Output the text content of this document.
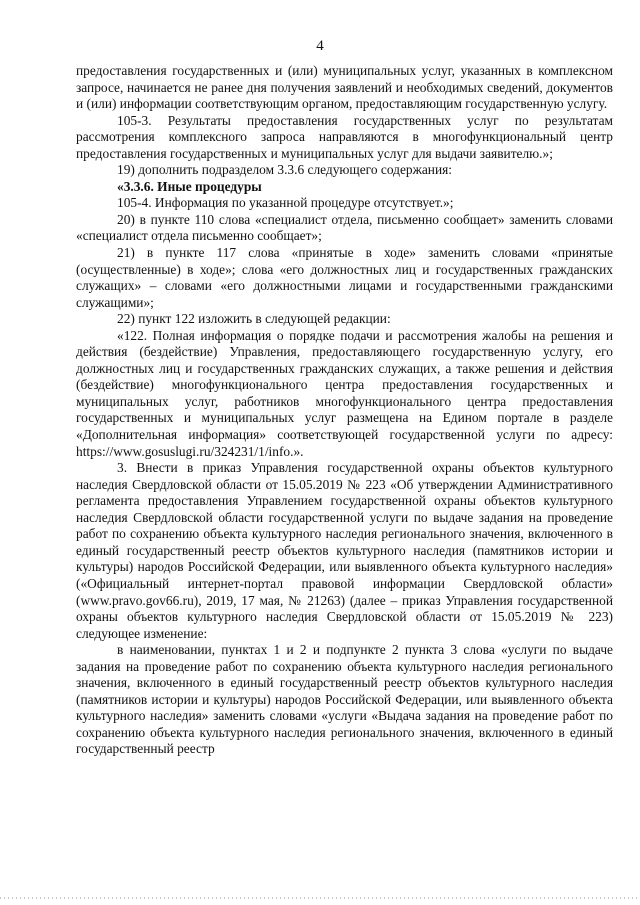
4

предоставления государственных и (или) муниципальных услуг, указанных в комплексном запросе, начинается не ранее дня получения заявлений и необходимых сведений, документов и (или) информации соответствующим органом, предоставляющим государственную услугу.

105-3. Результаты предоставления государственных услуг по результатам рассмотрения комплексного запроса направляются в многофункциональный центр предоставления государственных и муниципальных услуг для выдачи заявителю.»;

19) дополнить подразделом 3.3.6 следующего содержания:

«3.3.6. Иные процедуры

105-4. Информация по указанной процедуре отсутствует.»;

20) в пункте 110 слова «специалист отдела, письменно сообщает» заменить словами «специалист отдела письменно сообщает»;

21) в пункте 117 слова «принятые в ходе» заменить словами «принятые (осуществленные) в ходе»; слова «его должностных лиц и государственных гражданских служащих» – словами «его должностными лицами и государственными гражданскими служащими»;

22) пункт 122 изложить в следующей редакции:

«122. Полная информация о порядке подачи и рассмотрения жалобы на решения и действия (бездействие) Управления, предоставляющего государственную услугу, его должностных лиц и государственных гражданских служащих, а также решения и действия (бездействие) многофункционального центра предоставления государственных и муниципальных услуг, работников многофункционального центра предоставления государственных и муниципальных услуг размещена на Едином портале в разделе «Дополнительная информация» соответствующей государственной услуги по адресу: https://www.gosuslugi.ru/324231/1/info.».

3. Внести в приказ Управления государственной охраны объектов культурного наследия Свердловской области от 15.05.2019 № 223 «Об утверждении Административного регламента предоставления Управлением государственной охраны объектов культурного наследия Свердловской области государственной услуги по выдаче задания на проведение работ по сохранению объекта культурного наследия регионального значения, включенного в единый государственный реестр объектов культурного наследия (памятников истории и культуры) народов Российской Федерации, или выявленного объекта культурного наследия» («Официальный интернет-портал правовой информации Свердловской области» (www.pravo.gov66.ru), 2019, 17 мая, № 21263) (далее – приказ Управления государственной охраны объектов культурного наследия Свердловской области от 15.05.2019 № 223) следующее изменение:

в наименовании, пунктах 1 и 2 и подпункте 2 пункта 3 слова «услуги по выдаче задания на проведение работ по сохранению объекта культурного наследия регионального значения, включенного в единый государственный реестр объектов культурного наследия (памятников истории и культуры) народов Российской Федерации, или выявленного объекта культурного наследия» заменить словами «услуги «Выдача задания на проведение работ по сохранению объекта культурного наследия регионального значения, включенного в единый государственный реестр
